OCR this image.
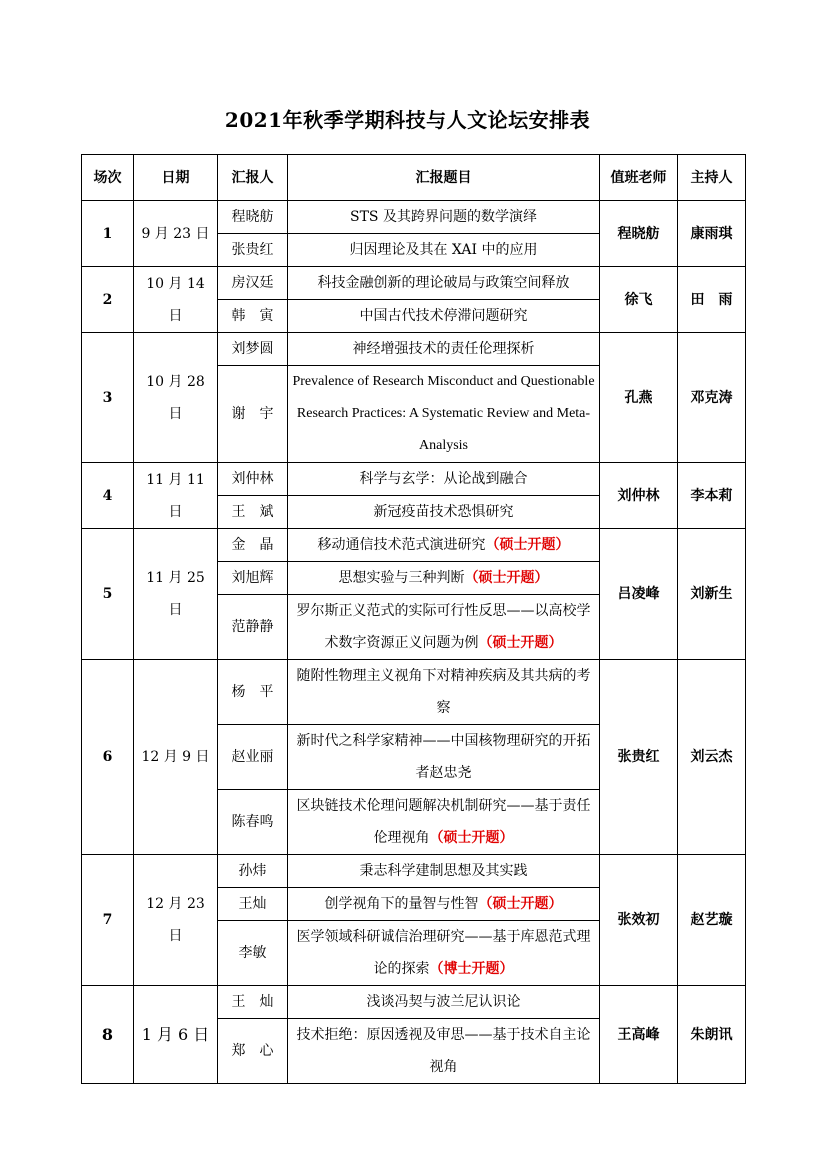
2021年秋季学期科技与人文论坛安排表
场次	日期	汇报人	汇报题目	值班老师	主持人
1	9 月 23 日	程晓舫	STS 及其跨界问题的数学演绎	程晓舫	康雨琪
		张贵红	归因理论及其在 XAI 中的应用		
2	10 月 14 日	房汉廷	科技金融创新的理论破局与政策空间释放	徐飞	田　雨
		韩　寅	中国古代技术停滞问题研究		
3	10 月 28 日	刘梦圆	神经增强技术的责任伦理探析	孔燕	邓克涛
		谢　宇	Prevalence of Research Misconduct and Questionable Research Practices: A Systematic Review and Meta-Analysis		
4	11 月 11 日	刘仲林	科学与玄学：从论战到融合	刘仲林	李本莉
		王　斌	新冠疫苗技术恐惧研究		
5	11 月 25 日	金　晶	移动通信技术范式演进研究（硕士开题）	吕凌峰	刘新生
		刘旭辉	思想实验与三种判断（硕士开题）		
		范静静	罗尔斯正义范式的实际可行性反思——以高校学术数字资源正义问题为例（硕士开题）		
6	12 月 9 日	杨　平	随附性物理主义视角下对精神疾病及其共病的考察	张贵红	刘云杰
		赵业丽	新时代之科学家精神——中国核物理研究的开拓者赵忠尧		
		陈春鸣	区块链技术伦理问题解决机制研究——基于责任伦理视角（硕士开题）		
7	12 月 23 日	孙炜	秉志科学建制思想及其实践	张效初	赵艺璇
		王灿	创学视角下的量智与性智（硕士开题）		
		李敏	医学领域科研诚信治理研究——基于库恩范式理论的探索（博士开题）		
8	1 月 6 日	王　灿	浅谈冯契与波兰尼认识论	王高峰	朱朗讯
		郑　心	技术拒绝：原因透视及审思——基于技术自主论视角		
